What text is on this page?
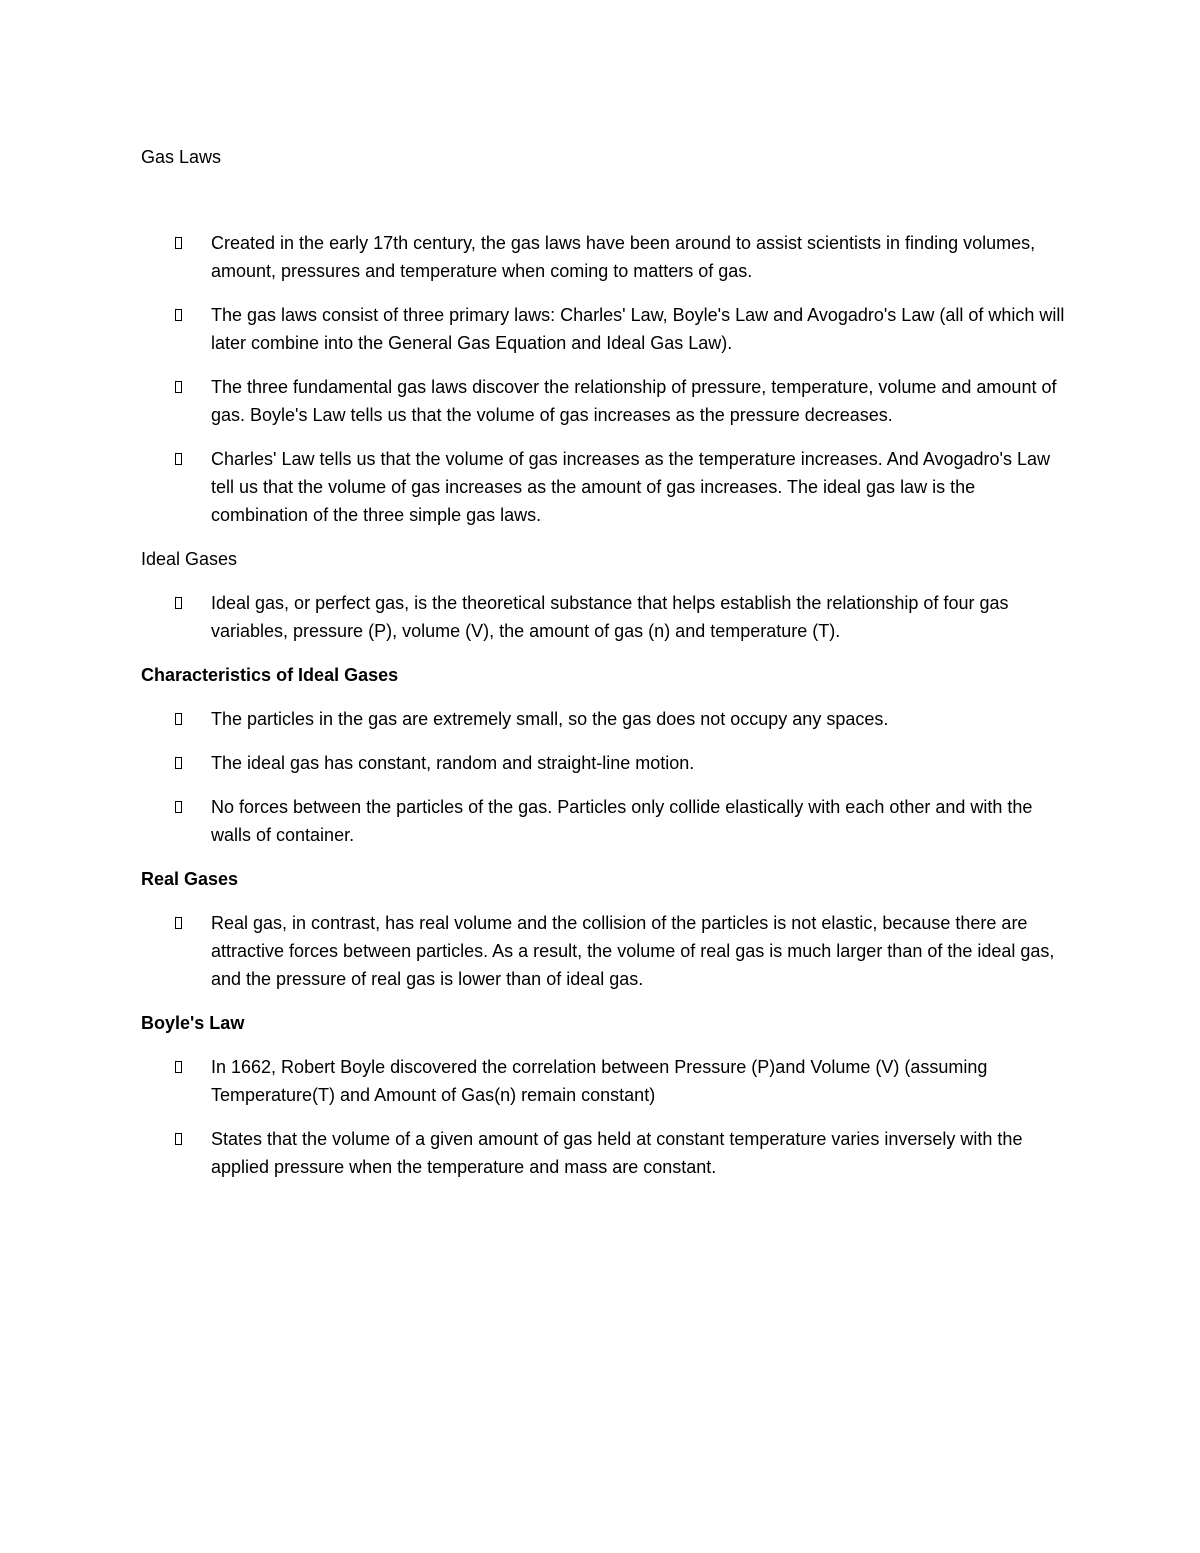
Gas Laws

Created in the early 17th century, the gas laws have been around to assist scientists in finding volumes, amount, pressures and temperature when coming to matters of gas.
The gas laws consist of three primary laws: Charles' Law, Boyle's Law and Avogadro's Law (all of which will later combine into the General Gas Equation and Ideal Gas Law).
The three fundamental gas laws discover the relationship of pressure, temperature, volume and amount of gas. Boyle's Law tells us that the volume of gas increases as the pressure decreases.
Charles' Law tells us that the volume of gas increases as the temperature increases. And Avogadro's Law tell us that the volume of gas increases as the amount of gas increases. The ideal gas law is the combination of the three simple gas laws.

Ideal Gases

Ideal gas, or perfect gas, is the theoretical substance that helps establish the relationship of four gas variables, pressure (P), volume (V), the amount of gas (n) and temperature (T).

Characteristics of Ideal Gases

The particles in the gas are extremely small, so the gas does not occupy any spaces.
The ideal gas has constant, random and straight-line motion.
No forces between the particles of the gas. Particles only collide elastically with each other and with the walls of container.

Real Gases

Real gas, in contrast, has real volume and the collision of the particles is not elastic, because there are attractive forces between particles. As a result, the volume of real gas is much larger than of the ideal gas, and the pressure of real gas is lower than of ideal gas.

Boyle's Law

In 1662, Robert Boyle discovered the correlation between Pressure (P)and Volume (V) (assuming Temperature(T) and Amount of Gas(n) remain constant)
States that the volume of a given amount of gas held at constant temperature varies inversely with the applied pressure when the temperature and mass are constant.
